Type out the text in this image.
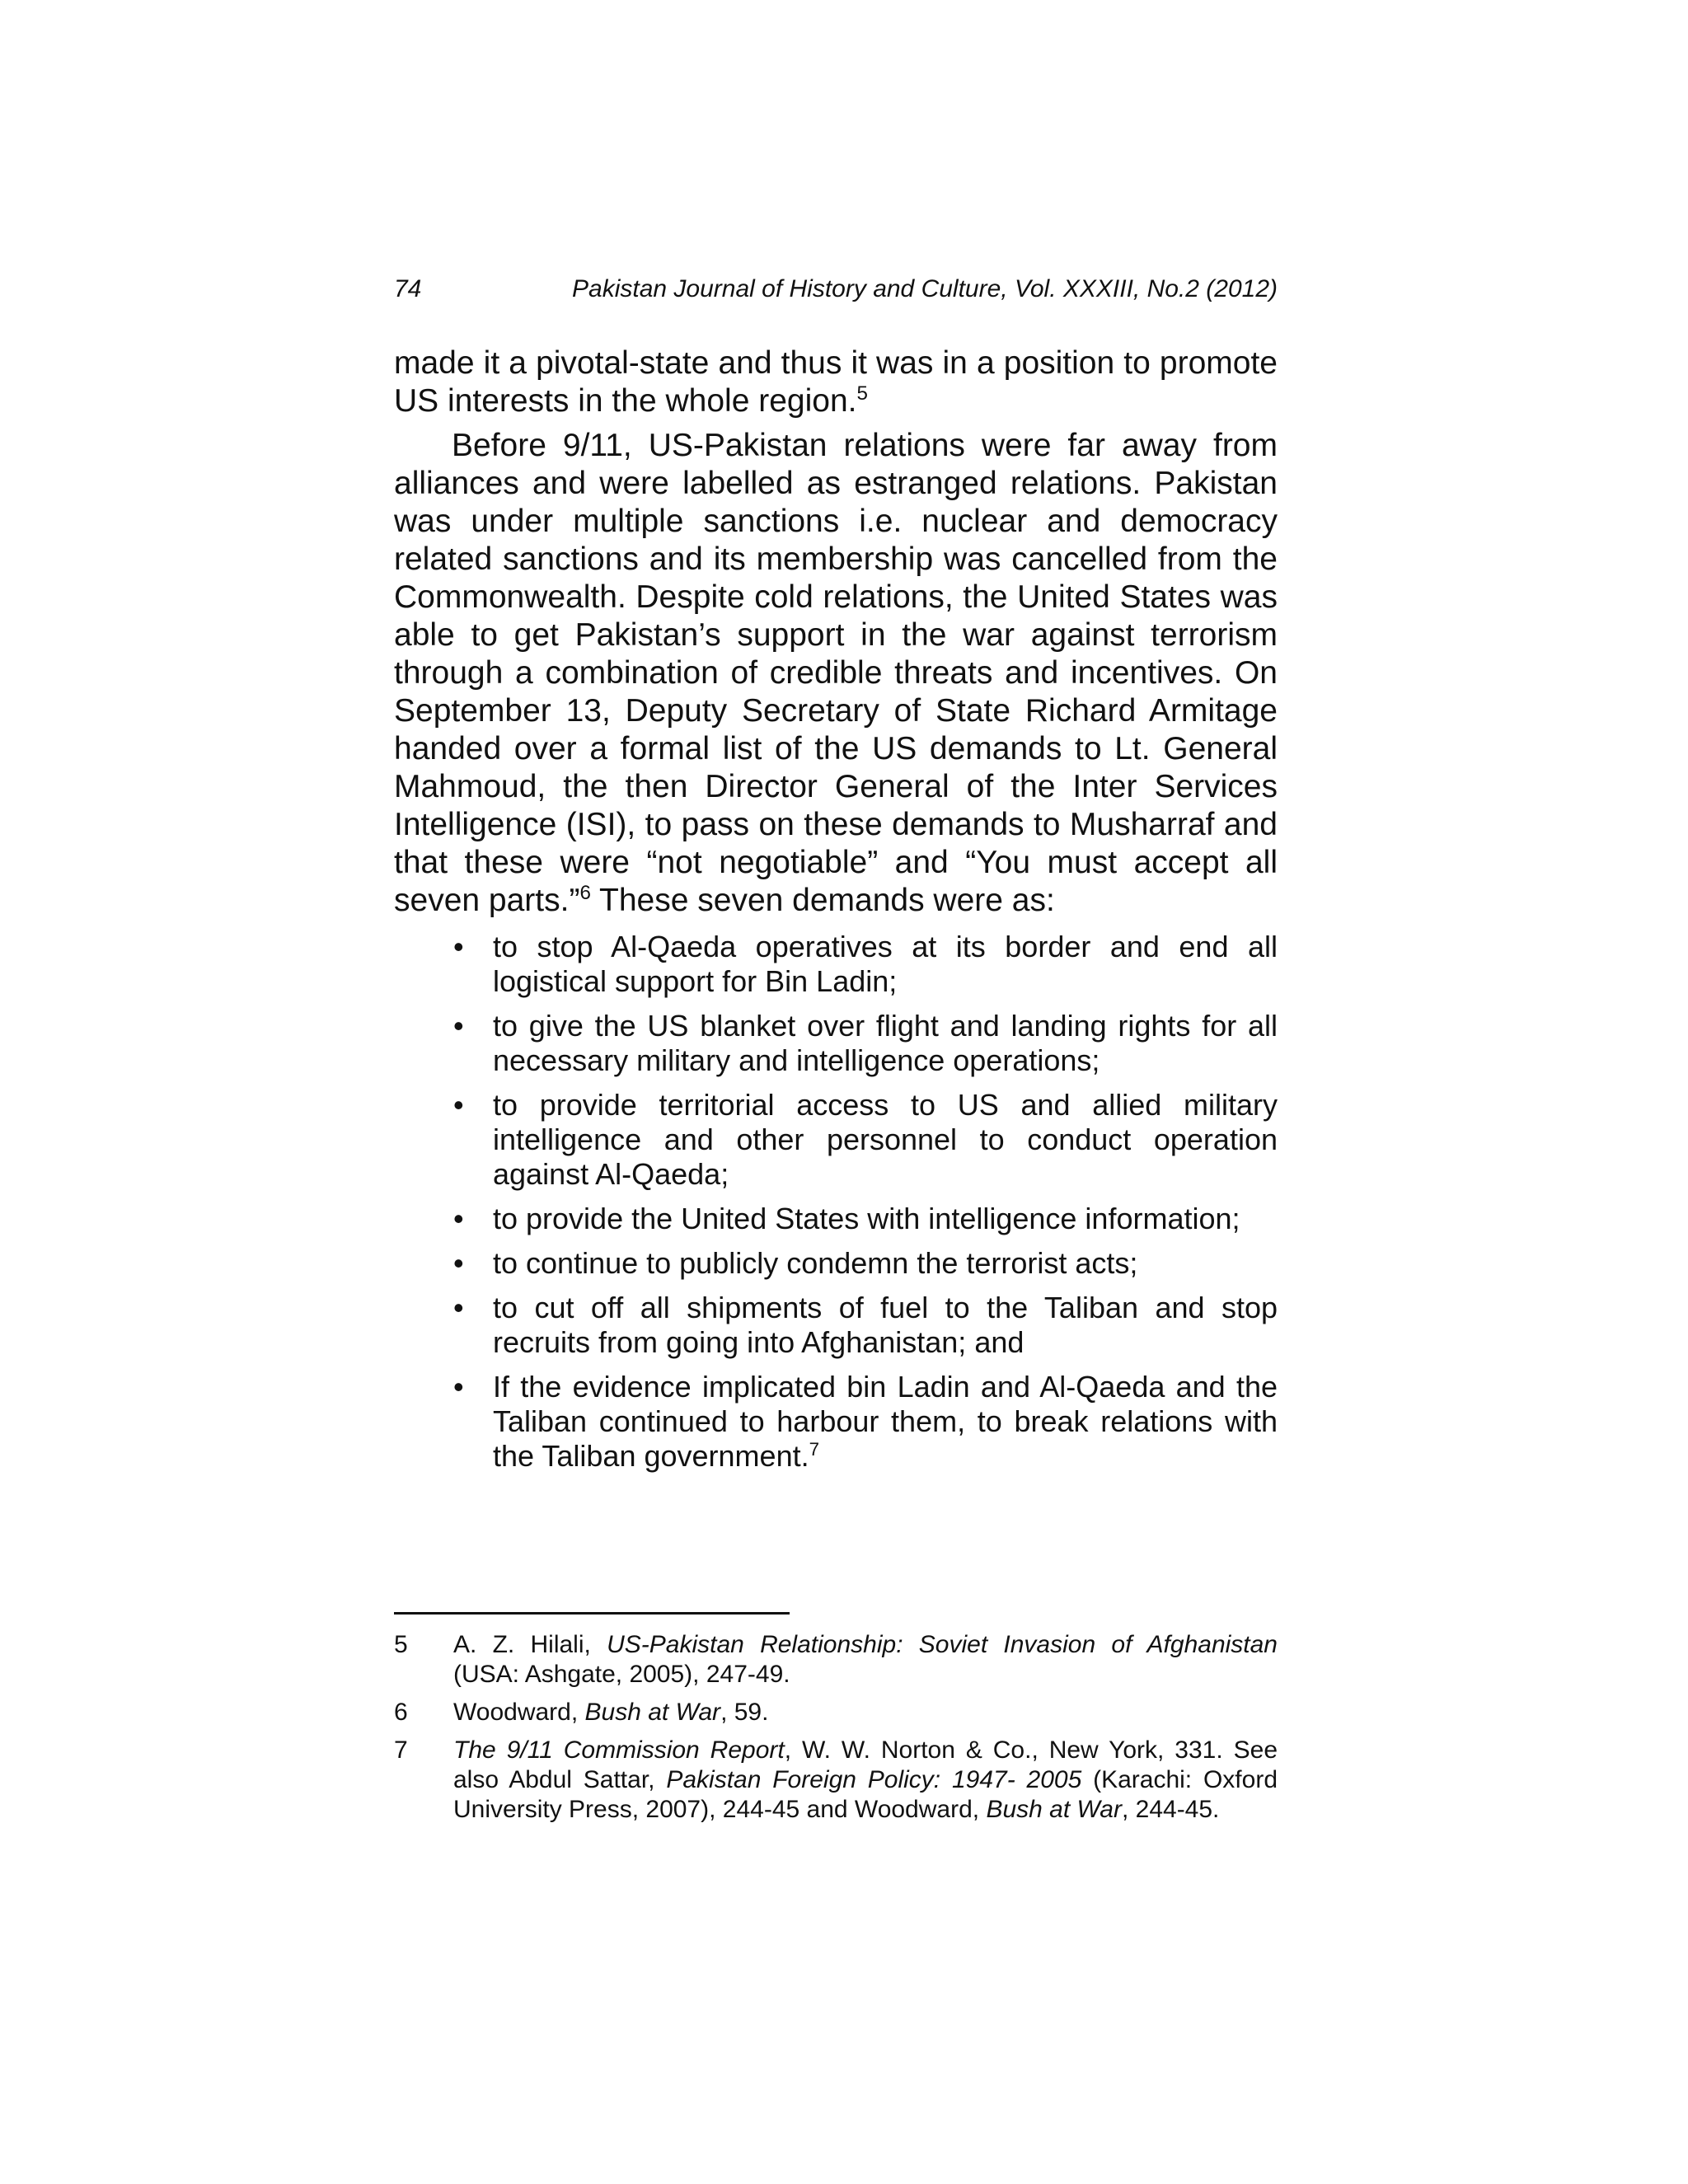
74	Pakistan Journal of History and Culture, Vol. XXXIII, No.2 (2012)

made it a pivotal-state and thus it was in a position to promote US interests in the whole region.$^5$

Before 9/11, US-Pakistan relations were far away from alliances and were labelled as estranged relations. Pakistan was under multiple sanctions i.e. nuclear and democracy related sanctions and its membership was cancelled from the Commonwealth. Despite cold relations, the United States was able to get Pakistan’s support in the war against terrorism through a combination of credible threats and incentives. On September 13, Deputy Secretary of State Richard Armitage handed over a formal list of the US demands to Lt. General Mahmoud, the then Director General of the Inter Services Intelligence (ISI), to pass on these demands to Musharraf and that these were “not negotiable” and “You must accept all seven parts.”$^6$ These seven demands were as:

• to stop Al-Qaeda operatives at its border and end all logistical support for Bin Ladin;
• to give the US blanket over flight and landing rights for all necessary military and intelligence operations;
• to provide territorial access to US and allied military intelligence and other personnel to conduct operation against Al-Qaeda;
• to provide the United States with intelligence information;
• to continue to publicly condemn the terrorist acts;
• to cut off all shipments of fuel to the Taliban and stop recruits from going into Afghanistan; and
• If the evidence implicated bin Ladin and Al-Qaeda and the Taliban continued to harbour them, to break relations with the Taliban government.$^7$
5 A. Z. Hilali, US-Pakistan Relationship: Soviet Invasion of Afghanistan (USA: Ashgate, 2005), 247-49.
6 Woodward, Bush at War, 59.
7 The 9/11 Commission Report, W. W. Norton & Co., New York, 331. See also Abdul Sattar, Pakistan Foreign Policy: 1947- 2005 (Karachi: Oxford University Press, 2007), 244-45 and Woodward, Bush at War, 244-45.
